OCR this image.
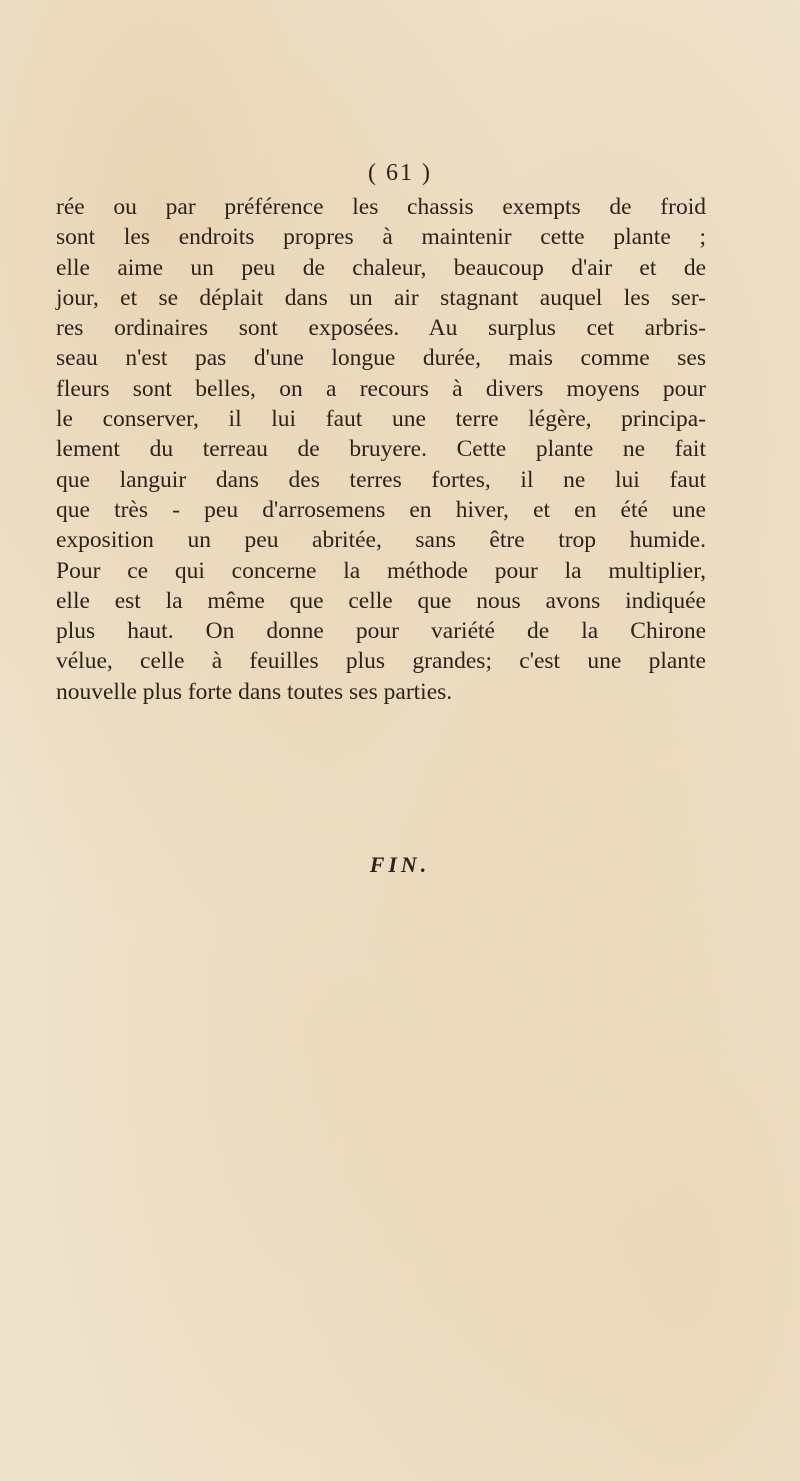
( 61 )
rée ou par préférence les chassis exempts de froid
sont les endroits propres à maintenir cette plante ;
elle aime un peu de chaleur, beaucoup d'air et de
jour, et se déplait dans un air stagnant auquel les ser-
res ordinaires sont exposées. Au surplus cet arbris-
seau n'est pas d'une longue durée, mais comme ses
fleurs sont belles, on a recours à divers moyens pour
le conserver, il lui faut une terre légère, principa-
lement du terreau de bruyere. Cette plante ne fait
que languir dans des terres fortes, il ne lui faut
que très - peu d'arrosemens en hiver, et en été une
exposition un peu abritée, sans être trop humide.
Pour ce qui concerne la méthode pour la multiplier,
elle est la même que celle que nous avons indiquée
plus haut. On donne pour variété de la Chirone
vélue, celle à feuilles plus grandes; c'est une plante
nouvelle plus forte dans toutes ses parties.
FIN.
